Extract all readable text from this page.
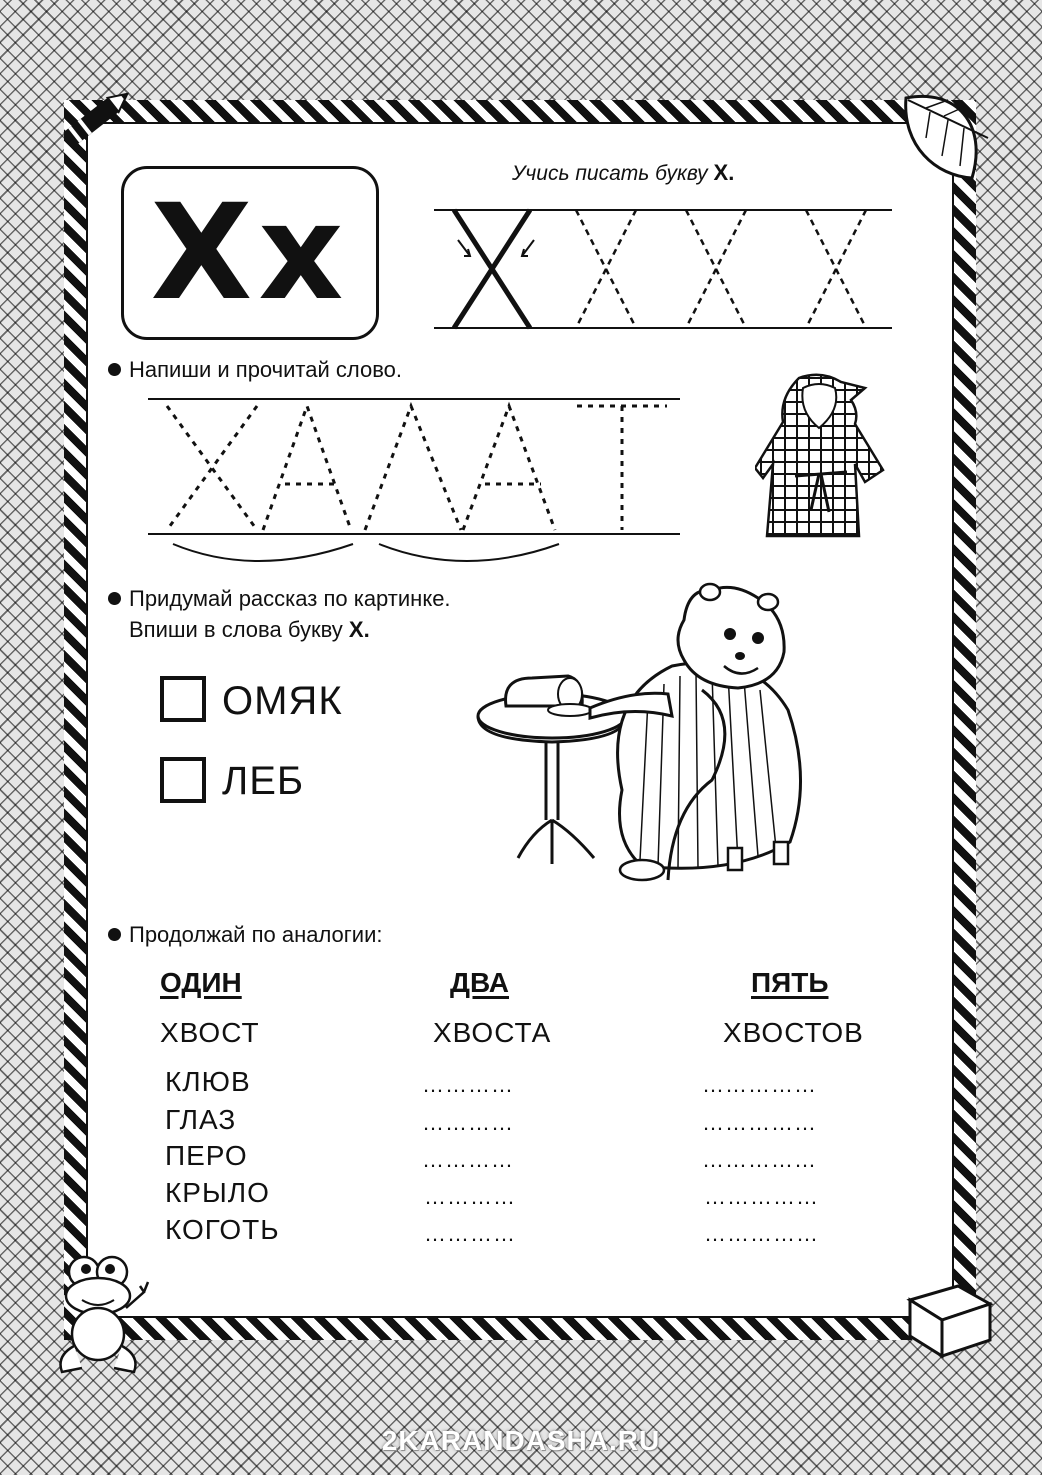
Xx
Учись писать букву Х.
Напиши и прочитай слово.
Придумай рассказ по картинке.
Впиши в слова букву Х.
ОМЯК
ЛЕБ
Продолжай по аналогии:
ОДИН	ДВА	ПЯТЬ
ХВОСТ	ХВОСТА	ХВОСТОВ
КЛЮВ	…………	……………
ГЛАЗ	…………	……………
ПЕРО	…………	……………
КРЫЛО	…………	……………
КОГОТЬ	…………	……………
2KARANDASHA.RU
